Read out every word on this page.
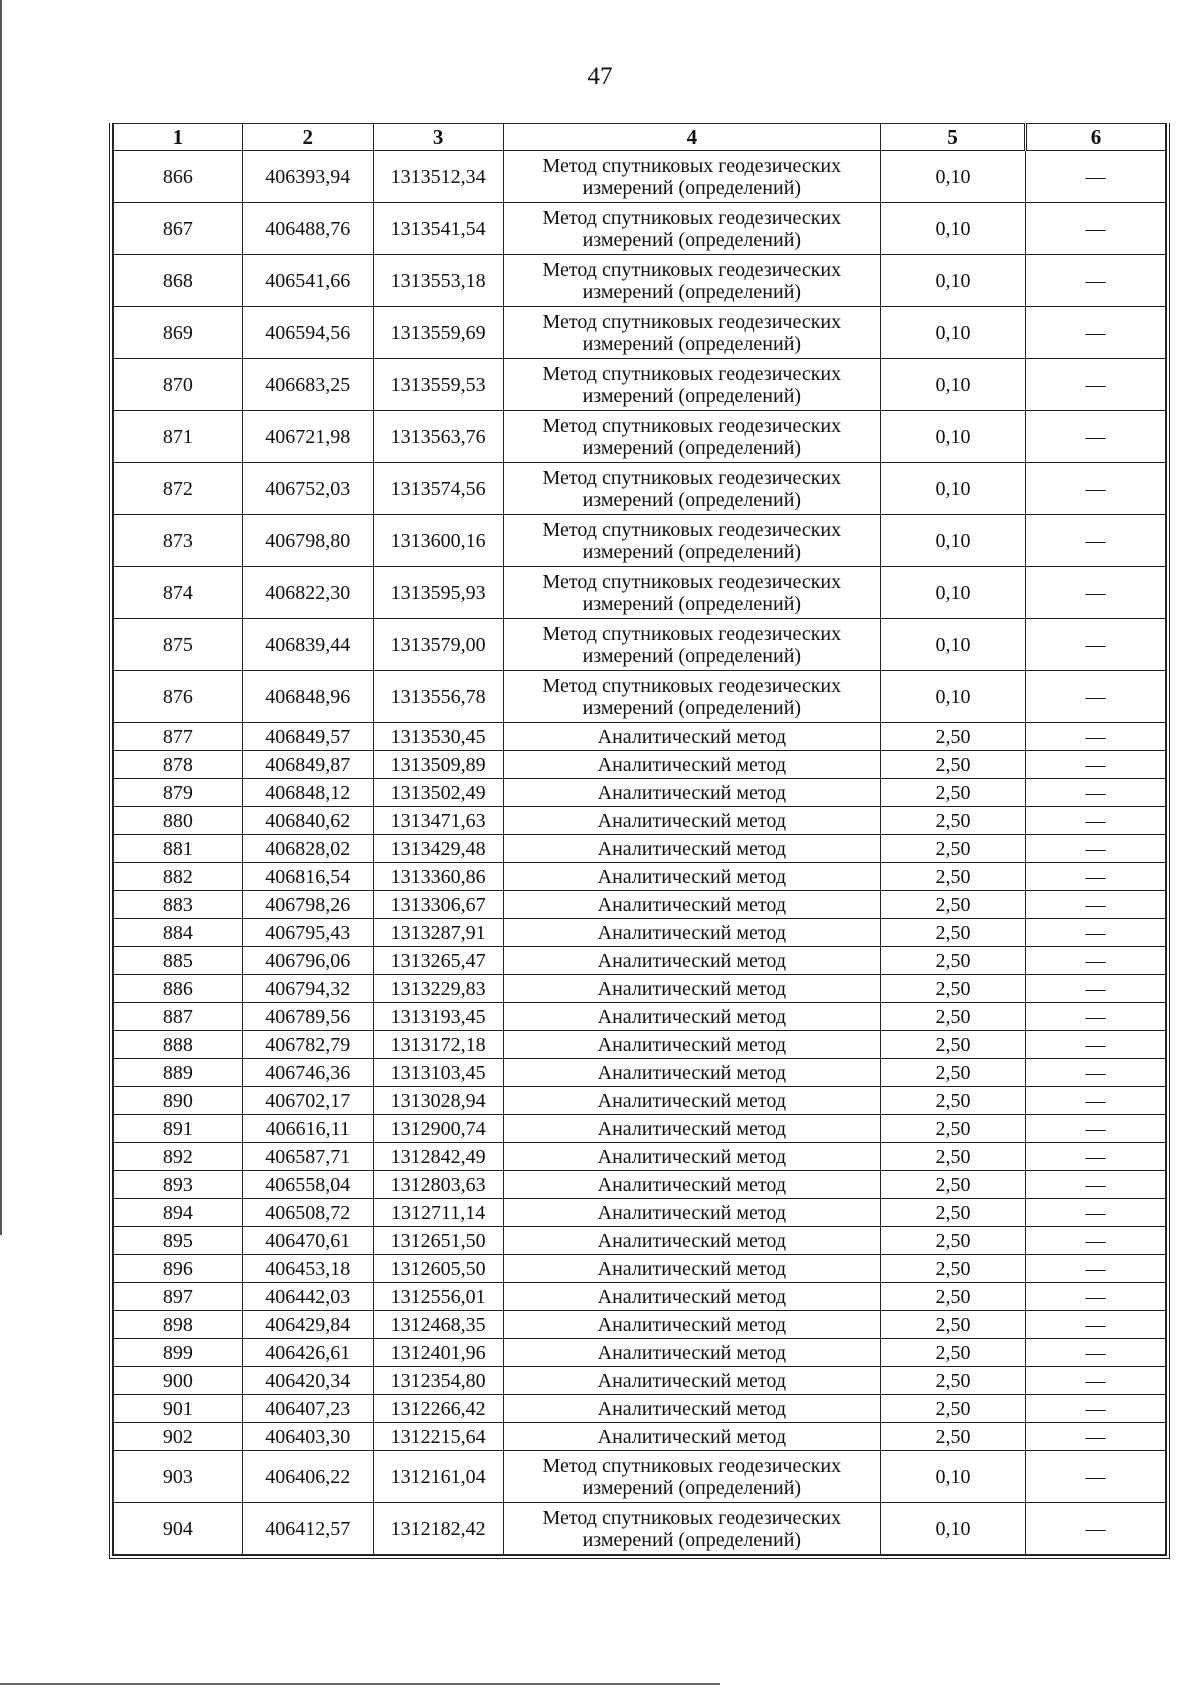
47
1	2	3	4	5	6
866	406393,94	1313512,34	Метод спутниковых геодезических измерений (определений)	0,10	—
867	406488,76	1313541,54	Метод спутниковых геодезических измерений (определений)	0,10	—
868	406541,66	1313553,18	Метод спутниковых геодезических измерений (определений)	0,10	—
869	406594,56	1313559,69	Метод спутниковых геодезических измерений (определений)	0,10	—
870	406683,25	1313559,53	Метод спутниковых геодезических измерений (определений)	0,10	—
871	406721,98	1313563,76	Метод спутниковых геодезических измерений (определений)	0,10	—
872	406752,03	1313574,56	Метод спутниковых геодезических измерений (определений)	0,10	—
873	406798,80	1313600,16	Метод спутниковых геодезических измерений (определений)	0,10	—
874	406822,30	1313595,93	Метод спутниковых геодезических измерений (определений)	0,10	—
875	406839,44	1313579,00	Метод спутниковых геодезических измерений (определений)	0,10	—
876	406848,96	1313556,78	Метод спутниковых геодезических измерений (определений)	0,10	—
877	406849,57	1313530,45	Аналитический метод	2,50	—
878	406849,87	1313509,89	Аналитический метод	2,50	—
879	406848,12	1313502,49	Аналитический метод	2,50	—
880	406840,62	1313471,63	Аналитический метод	2,50	—
881	406828,02	1313429,48	Аналитический метод	2,50	—
882	406816,54	1313360,86	Аналитический метод	2,50	—
883	406798,26	1313306,67	Аналитический метод	2,50	—
884	406795,43	1313287,91	Аналитический метод	2,50	—
885	406796,06	1313265,47	Аналитический метод	2,50	—
886	406794,32	1313229,83	Аналитический метод	2,50	—
887	406789,56	1313193,45	Аналитический метод	2,50	—
888	406782,79	1313172,18	Аналитический метод	2,50	—
889	406746,36	1313103,45	Аналитический метод	2,50	—
890	406702,17	1313028,94	Аналитический метод	2,50	—
891	406616,11	1312900,74	Аналитический метод	2,50	—
892	406587,71	1312842,49	Аналитический метод	2,50	—
893	406558,04	1312803,63	Аналитический метод	2,50	—
894	406508,72	1312711,14	Аналитический метод	2,50	—
895	406470,61	1312651,50	Аналитический метод	2,50	—
896	406453,18	1312605,50	Аналитический метод	2,50	—
897	406442,03	1312556,01	Аналитический метод	2,50	—
898	406429,84	1312468,35	Аналитический метод	2,50	—
899	406426,61	1312401,96	Аналитический метод	2,50	—
900	406420,34	1312354,80	Аналитический метод	2,50	—
901	406407,23	1312266,42	Аналитический метод	2,50	—
902	406403,30	1312215,64	Аналитический метод	2,50	—
903	406406,22	1312161,04	Метод спутниковых геодезических измерений (определений)	0,10	—
904	406412,57	1312182,42	Метод спутниковых геодезических измерений (определений)	0,10	—
